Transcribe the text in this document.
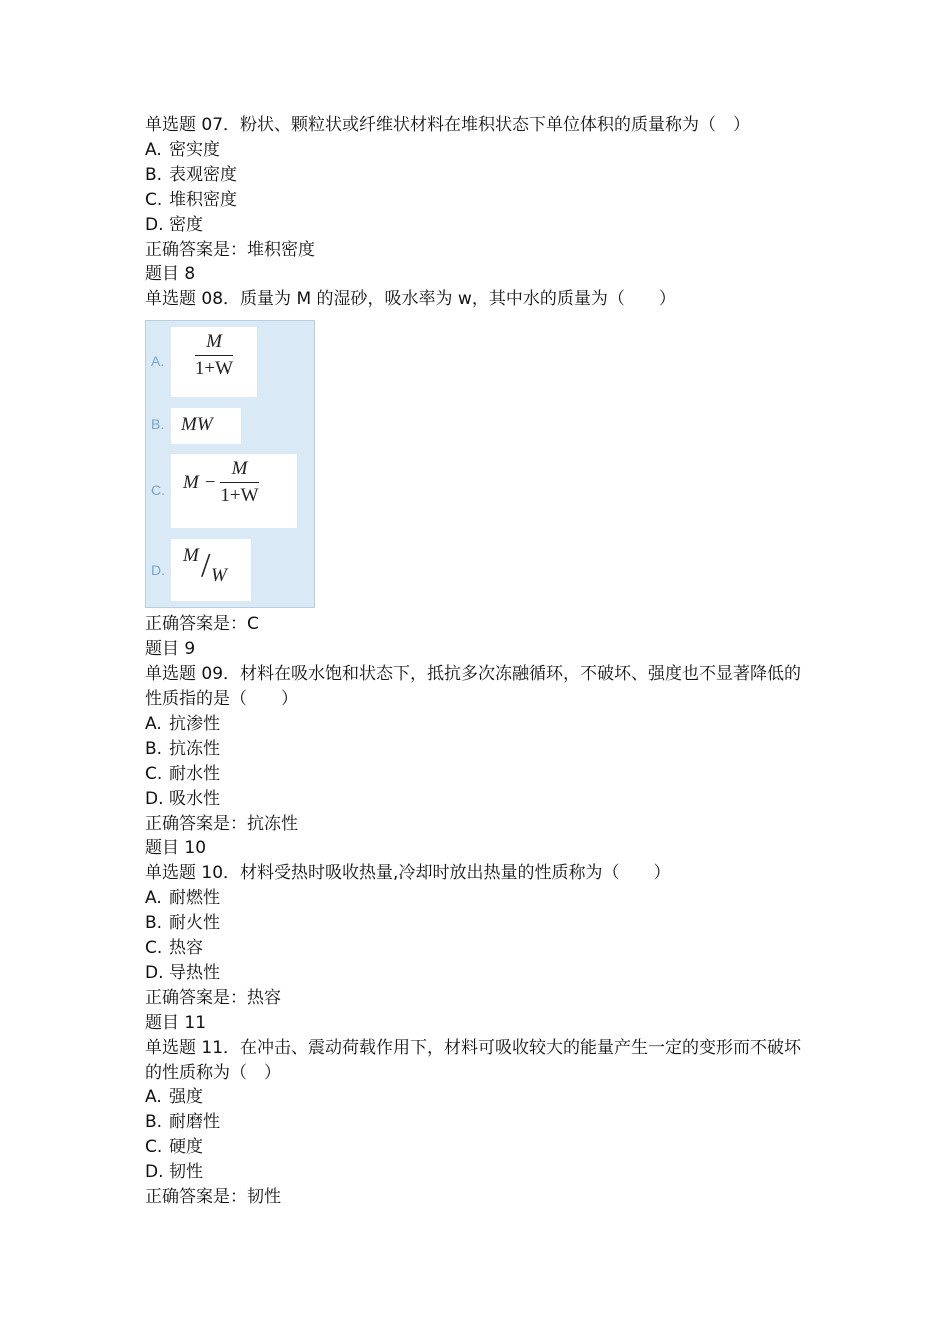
单选题 07．粉状、颗粒状或纤维状材料在堆积状态下单位体积的质量称为（　）
A. 密实度
B. 表观密度
C. 堆积密度
D. 密度
正确答案是：堆积密度
题目 8
单选题 08．质量为 M 的湿砂，吸水率为 w，其中水的质量为（　　）
A. $\frac{M}{1+W}$
B. MW
C. $M - \frac{M}{1+W}$
D.
M / W
正确答案是：C
题目 9
单选题 09．材料在吸水饱和状态下，抵抗多次冻融循环，不破坏、强度也不显著降低的性质指的是（　　）
A. 抗渗性
B. 抗冻性
C. 耐水性
D. 吸水性
正确答案是：抗冻性
题目 10
单选题 10．材料受热时吸收热量,冷却时放出热量的性质称为（　　）
A. 耐燃性
B. 耐火性
C. 热容
D. 导热性
正确答案是：热容
题目 11
单选题 11．在冲击、震动荷载作用下，材料可吸收较大的能量产生一定的变形而不破坏的性质称为（　）
A. 强度
B. 耐磨性
C. 硬度
D. 韧性
正确答案是：韧性
